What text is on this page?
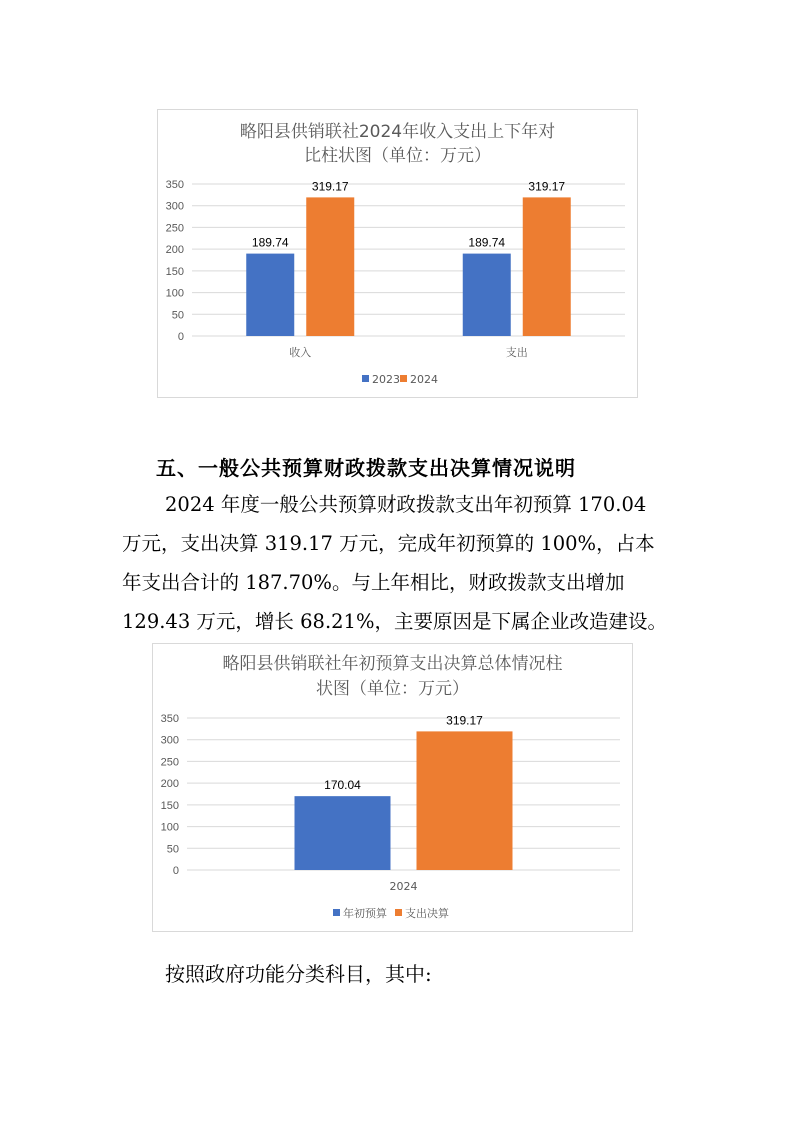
略阳县供销联社2024年收入支出上下年对
比柱状图（单位：万元）
0
50
100
150
200
250
300
350
189.74
319.17
收入
189.74
319.17
支出
2023 2024
五、一般公共预算财政拨款支出决算情况说明
2024 年度一般公共预算财政拨款支出年初预算 170.04
万元，支出决算 319.17 万元，完成年初预算的 100%，占本
年支出合计的 187.70%。与上年相比，财政拨款支出增加
129.43 万元，增长 68.21%，主要原因是下属企业改造建设。
略阳县供销联社年初预算支出决算总体情况柱
状图（单位：万元）
0
50
100
150
200
250
300
350
170.04
319.17
2024
年初预算 支出决算
按照政府功能分类科目，其中:
